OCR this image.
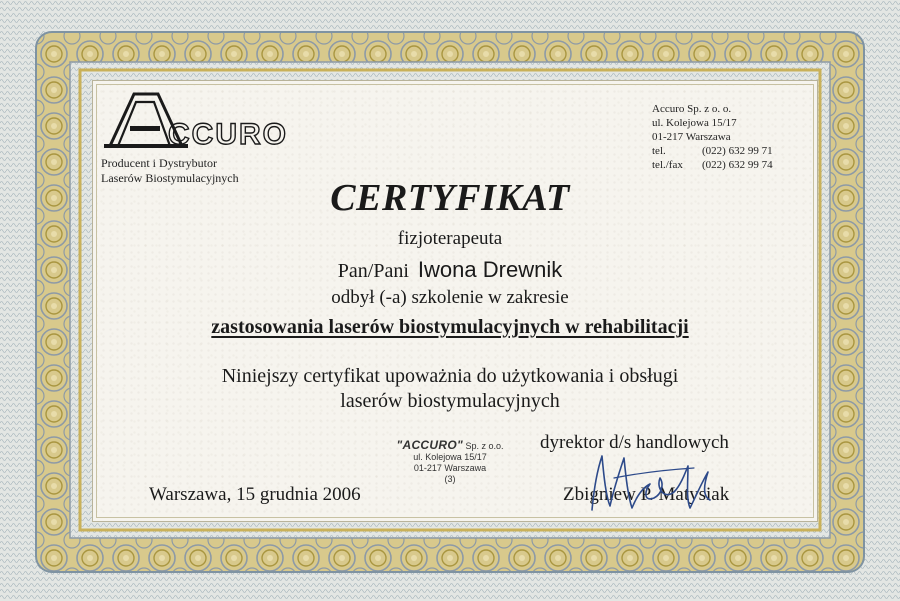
CCURO
Producent i Dystrybutor
Laserów Biostymulacyjnych
Accuro Sp. z o. o.
ul. Kolejowa 15/17
01-217 Warszawa
tel.	(022) 632 99 71
tel./fax	(022) 632 99 74
CERTYFIKAT
fizjoterapeuta
Pan/Pani Iwona Drewnik
odbył (-a) szkolenie w zakresie
zastosowania laserów biostymulacyjnych w rehabilitacji
Niniejszy certyfikat upoważnia do użytkowania i obsługi
laserów biostymulacyjnych
"ACCURO" Sp. z o.o.
ul. Kolejowa 15/17
01-217 Warszawa
(3)
dyrektor d/s handlowych
Warszawa, 15 grudnia 2006	Zbigniew P. Matysiak
